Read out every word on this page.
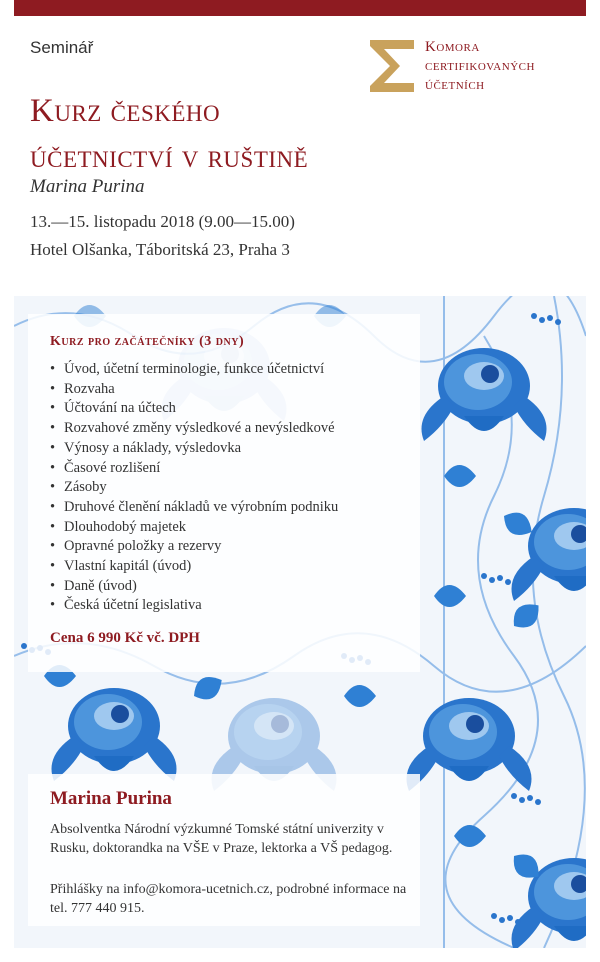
Seminář	Komora
certifikovaných
účetních
Kurz českého
účetnictví v ruštině
Marina Purina
13.—15. listopadu 2018 (9.00—15.00)
Hotel Olšanka, Táboritská 23, Praha 3
Kurz pro začátečníky (3 dny)
• Úvod, účetní terminologie, funkce účetnictví
• Rozvaha
• Účtování na účtech
• Rozvahové změny výsledkové a nevýsledkové
• Výnosy a náklady, výsledovka
• Časové rozlišení
• Zásoby
• Druhové členění nákladů ve výrobním podniku
• Dlouhodobý majetek
• Opravné položky a rezervy
• Vlastní kapitál (úvod)
• Daně (úvod)
• Česká účetní legislativa
Cena 6 990 Kč vč. DPH
Marina Purina

Absolventka Národní výzkumné Tomské státní univerzity v Rusku, doktorandka na VŠE v Praze, lektorka a VŠ pedagog.

Přihlášky na info@komora-ucetnich.cz, podrobné informace na tel. 777 440 915.
